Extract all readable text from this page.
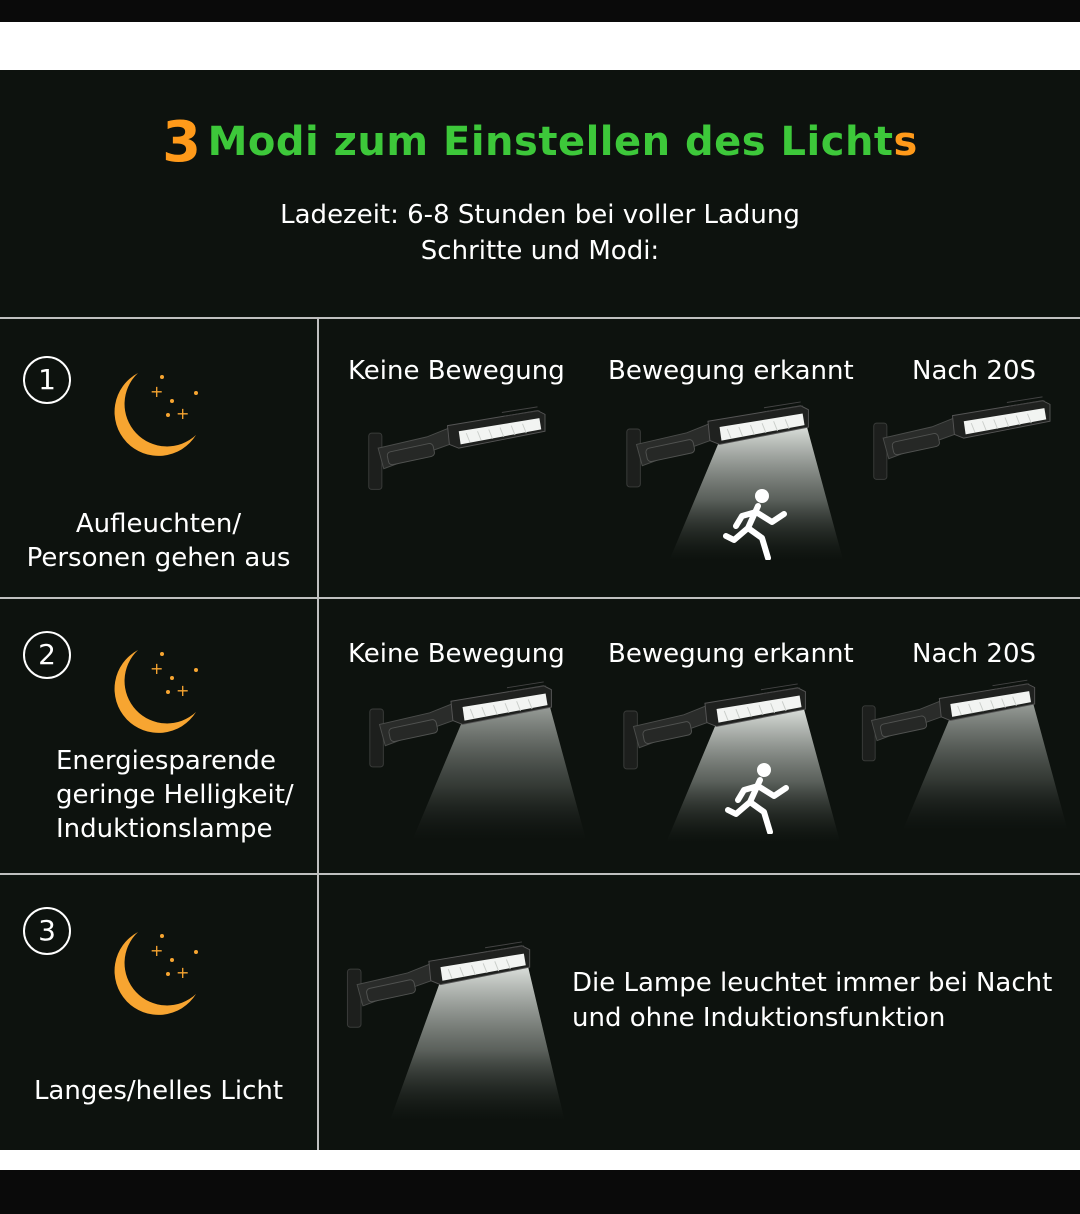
3 Modi zum Einstellen des Lichts
Ladezeit: 6-8 Stunden bei voller Ladung
Schritte und Modi:
1	+
+
Aufleuchten/
Personen gehen aus
Keine Bewegung Bewegung erkannt Nach 20S
2	+
+
Energiesparende
geringe Helligkeit/
Induktionslampe
Keine Bewegung Bewegung erkannt Nach 20S
3
+
+
Langes/helles Licht
Die Lampe leuchtet immer bei Nacht
und ohne Induktionsfunktion
